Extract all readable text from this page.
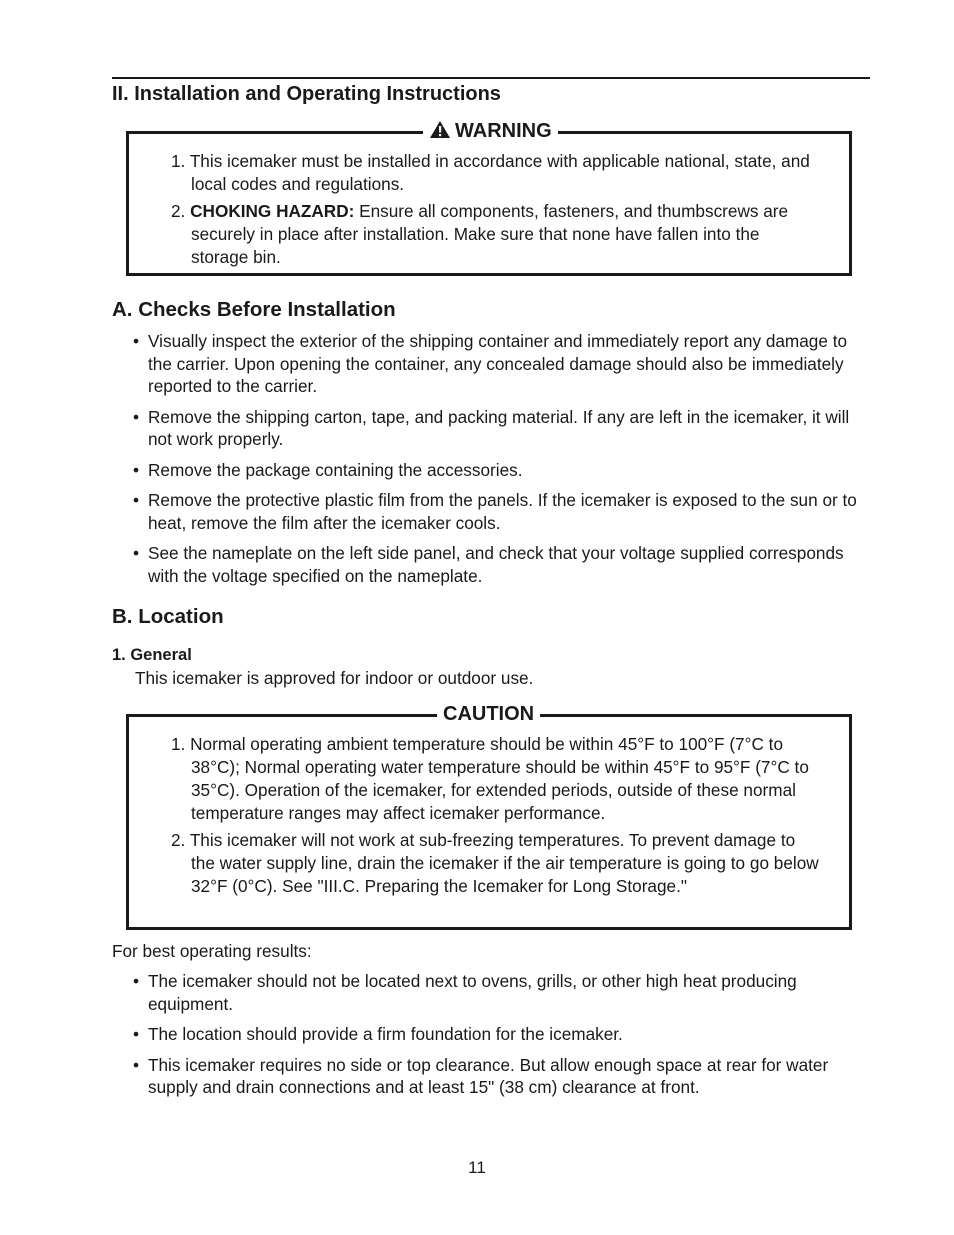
II. Installation and Operating Instructions
WARNING
1. This icemaker must be installed in accordance with applicable national, state, and local codes and regulations.
2. CHOKING HAZARD: Ensure all components, fasteners, and thumbscrews are securely in place after installation. Make sure that none have fallen into the storage bin.
A. Checks Before Installation
• Visually inspect the exterior of the shipping container and immediately report any damage to the carrier. Upon opening the container, any concealed damage should also be immediately reported to the carrier.
• Remove the shipping carton, tape, and packing material. If any are left in the icemaker, it will not work properly.
• Remove the package containing the accessories.
• Remove the protective plastic film from the panels. If the icemaker is exposed to the sun or to heat, remove the film after the icemaker cools.
• See the nameplate on the left side panel, and check that your voltage supplied corresponds with the voltage specified on the nameplate.
B. Location
1. General
This icemaker is approved for indoor or outdoor use.
CAUTION
1. Normal operating ambient temperature should be within 45°F to 100°F (7°C to 38°C); Normal operating water temperature should be within 45°F to 95°F (7°C to 35°C). Operation of the icemaker, for extended periods, outside of these normal temperature ranges may affect icemaker performance.
2. This icemaker will not work at sub-freezing temperatures. To prevent damage to the water supply line, drain the icemaker if the air temperature is going to go below 32°F (0°C). See "III.C. Preparing the Icemaker for Long Storage."
For best operating results:
• The icemaker should not be located next to ovens, grills, or other high heat producing equipment.
• The location should provide a firm foundation for the icemaker.
• This icemaker requires no side or top clearance. But allow enough space at rear for water supply and drain connections and at least 15" (38 cm) clearance at front.
11
